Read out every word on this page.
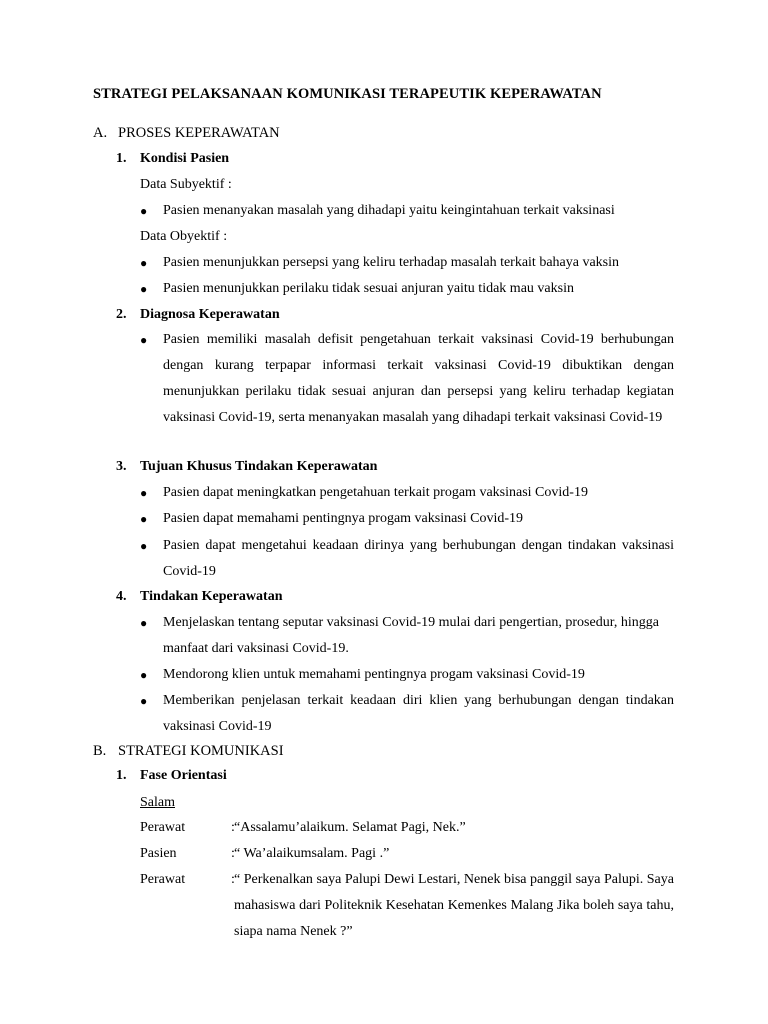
STRATEGI PELAKSANAAN KOMUNIKASI TERAPEUTIK KEPERAWATAN
A. PROSES KEPERAWATAN
1. Kondisi Pasien
Data Subyektif :
●	Pasien menanyakan masalah yang dihadapi yaitu keingintahuan terkait vaksinasi
Data Obyektif :
●	Pasien menunjukkan persepsi yang keliru terhadap masalah terkait bahaya vaksin
●	Pasien menunjukkan perilaku tidak sesuai anjuran yaitu tidak mau vaksin
2. Diagnosa Keperawatan
●	Pasien memiliki masalah defisit pengetahuan terkait vaksinasi Covid-19 berhubungan dengan kurang terpapar informasi terkait vaksinasi Covid-19 dibuktikan dengan menunjukkan perilaku tidak sesuai anjuran dan persepsi yang keliru terhadap kegiatan vaksinasi Covid-19, serta menanyakan masalah yang dihadapi terkait vaksinasi Covid-19
3. Tujuan Khusus Tindakan Keperawatan
●	Pasien dapat meningkatkan pengetahuan terkait progam vaksinasi Covid-19
●	Pasien dapat memahami pentingnya progam vaksinasi Covid-19
●	Pasien dapat mengetahui keadaan dirinya yang berhubungan dengan tindakan vaksinasi Covid-19
4. Tindakan Keperawatan
●	Menjelaskan tentang seputar vaksinasi Covid-19 mulai dari pengertian, prosedur, hingga manfaat dari vaksinasi Covid-19.
●	Mendorong klien untuk memahami pentingnya progam vaksinasi Covid-19
●	Memberikan penjelasan terkait keadaan diri klien yang berhubungan dengan tindakan vaksinasi Covid-19
B. STRATEGI KOMUNIKASI
1. Fase Orientasi
Salam
Perawat	: “Assalamu’alaikum. Selamat Pagi, Nek.”
Pasien	: “ Wa’alaikumsalam. Pagi .”
Perawat	: “ Perkenalkan saya Palupi Dewi Lestari, Nenek bisa panggil saya Palupi. Saya mahasiswa dari Politeknik Kesehatan Kemenkes Malang Jika boleh saya tahu, siapa nama Nenek ?”
